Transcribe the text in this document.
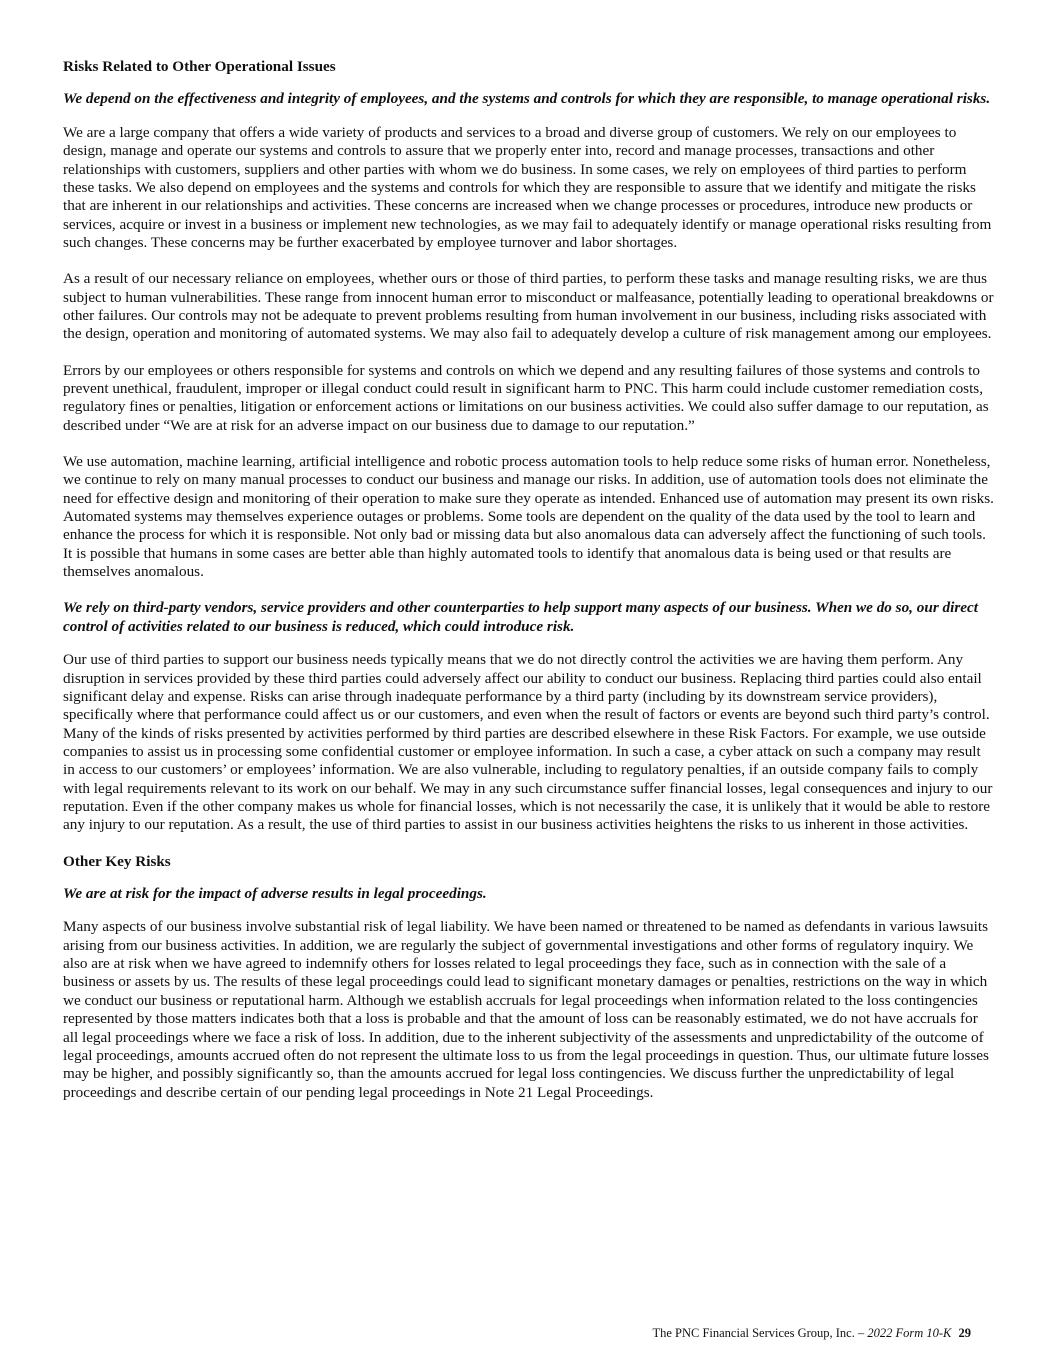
Risks Related to Other Operational Issues
We depend on the effectiveness and integrity of employees, and the systems and controls for which they are responsible, to manage operational risks.

We are a large company that offers a wide variety of products and services to a broad and diverse group of customers. We rely on our employees to design, manage and operate our systems and controls to assure that we properly enter into, record and manage processes, transactions and other relationships with customers, suppliers and other parties with whom we do business. In some cases, we rely on employees of third parties to perform these tasks. We also depend on employees and the systems and controls for which they are responsible to assure that we identify and mitigate the risks that are inherent in our relationships and activities. These concerns are increased when we change processes or procedures, introduce new products or services, acquire or invest in a business or implement new technologies, as we may fail to adequately identify or manage operational risks resulting from such changes. These concerns may be further exacerbated by employee turnover and labor shortages.

As a result of our necessary reliance on employees, whether ours or those of third parties, to perform these tasks and manage resulting risks, we are thus subject to human vulnerabilities. These range from innocent human error to misconduct or malfeasance, potentially leading to operational breakdowns or other failures. Our controls may not be adequate to prevent problems resulting from human involvement in our business, including risks associated with the design, operation and monitoring of automated systems. We may also fail to adequately develop a culture of risk management among our employees.

Errors by our employees or others responsible for systems and controls on which we depend and any resulting failures of those systems and controls to prevent unethical, fraudulent, improper or illegal conduct could result in significant harm to PNC. This harm could include customer remediation costs, regulatory fines or penalties, litigation or enforcement actions or limitations on our business activities. We could also suffer damage to our reputation, as described under “We are at risk for an adverse impact on our business due to damage to our reputation.”

We use automation, machine learning, artificial intelligence and robotic process automation tools to help reduce some risks of human error. Nonetheless, we continue to rely on many manual processes to conduct our business and manage our risks. In addition, use of automation tools does not eliminate the need for effective design and monitoring of their operation to make sure they operate as intended. Enhanced use of automation may present its own risks. Automated systems may themselves experience outages or problems. Some tools are dependent on the quality of the data used by the tool to learn and enhance the process for which it is responsible. Not only bad or missing data but also anomalous data can adversely affect the functioning of such tools. It is possible that humans in some cases are better able than highly automated tools to identify that anomalous data is being used or that results are themselves anomalous.

We rely on third-party vendors, service providers and other counterparties to help support many aspects of our business. When we do so, our direct control of activities related to our business is reduced, which could introduce risk.

Our use of third parties to support our business needs typically means that we do not directly control the activities we are having them perform. Any disruption in services provided by these third parties could adversely affect our ability to conduct our business. Replacing third parties could also entail significant delay and expense. Risks can arise through inadequate performance by a third party (including by its downstream service providers), specifically where that performance could affect us or our customers, and even when the result of factors or events are beyond such third party’s control. Many of the kinds of risks presented by activities performed by third parties are described elsewhere in these Risk Factors. For example, we use outside companies to assist us in processing some confidential customer or employee information. In such a case, a cyber attack on such a company may result in access to our customers’ or employees’ information. We are also vulnerable, including to regulatory penalties, if an outside company fails to comply with legal requirements relevant to its work on our behalf. We may in any such circumstance suffer financial losses, legal consequences and injury to our reputation. Even if the other company makes us whole for financial losses, which is not necessarily the case, it is unlikely that it would be able to restore any injury to our reputation. As a result, the use of third parties to assist in our business activities heightens the risks to us inherent in those activities.

Other Key Risks
We are at risk for the impact of adverse results in legal proceedings.

Many aspects of our business involve substantial risk of legal liability. We have been named or threatened to be named as defendants in various lawsuits arising from our business activities. In addition, we are regularly the subject of governmental investigations and other forms of regulatory inquiry. We also are at risk when we have agreed to indemnify others for losses related to legal proceedings they face, such as in connection with the sale of a business or assets by us. The results of these legal proceedings could lead to significant monetary damages or penalties, restrictions on the way in which we conduct our business or reputational harm. Although we establish accruals for legal proceedings when information related to the loss contingencies represented by those matters indicates both that a loss is probable and that the amount of loss can be reasonably estimated, we do not have accruals for all legal proceedings where we face a risk of loss. In addition, due to the inherent subjectivity of the assessments and unpredictability of the outcome of legal proceedings, amounts accrued often do not represent the ultimate loss to us from the legal proceedings in question. Thus, our ultimate future losses may be higher, and possibly significantly so, than the amounts accrued for legal loss contingencies. We discuss further the unpredictability of legal proceedings and describe certain of our pending legal proceedings in Note 21 Legal Proceedings.

The PNC Financial Services Group, Inc. – 2022 Form 10-K 29
